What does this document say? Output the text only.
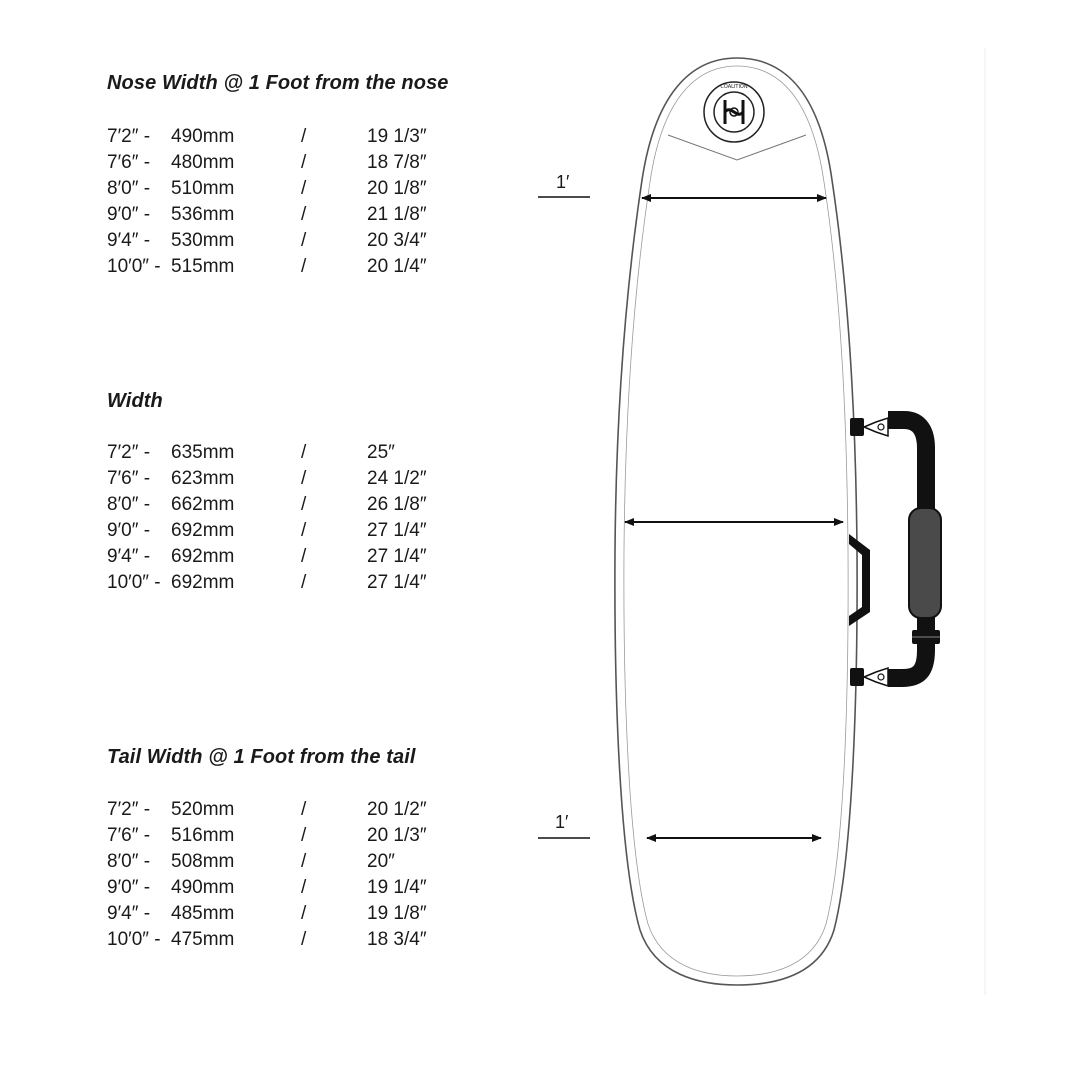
Nose Width @ 1 Foot from the nose
7′2″ - 490mm	/	19 1/3″
7′6″ - 480mm	/	18 7/8″
8′0″ - 510mm	/	20 1/8″
9′0″ - 536mm	/	21 1/8″
9′4″ - 530mm	/	20 3/4″
10′0″ - 515mm	/	20 1/4″
Width
7′2″ - 635mm	/	25″
7′6″ - 623mm	/	24 1/2″
8′0″ - 662mm	/	26 1/8″
9′0″ - 692mm	/	27 1/4″
9′4″ - 692mm	/	27 1/4″
10′0″ - 692mm	/	27 1/4″
Tail Width @ 1 Foot from the tail
7′2″ - 520mm	/	20 1/2″
7′6″ - 516mm	/	20 1/3″
8′0″ - 508mm	/	20″
9′0″ - 490mm	/	19 1/4″
9′4″ - 485mm	/	19 1/8″
10′0″ - 475mm	/	18 3/4″
COALITION
1′
1′
